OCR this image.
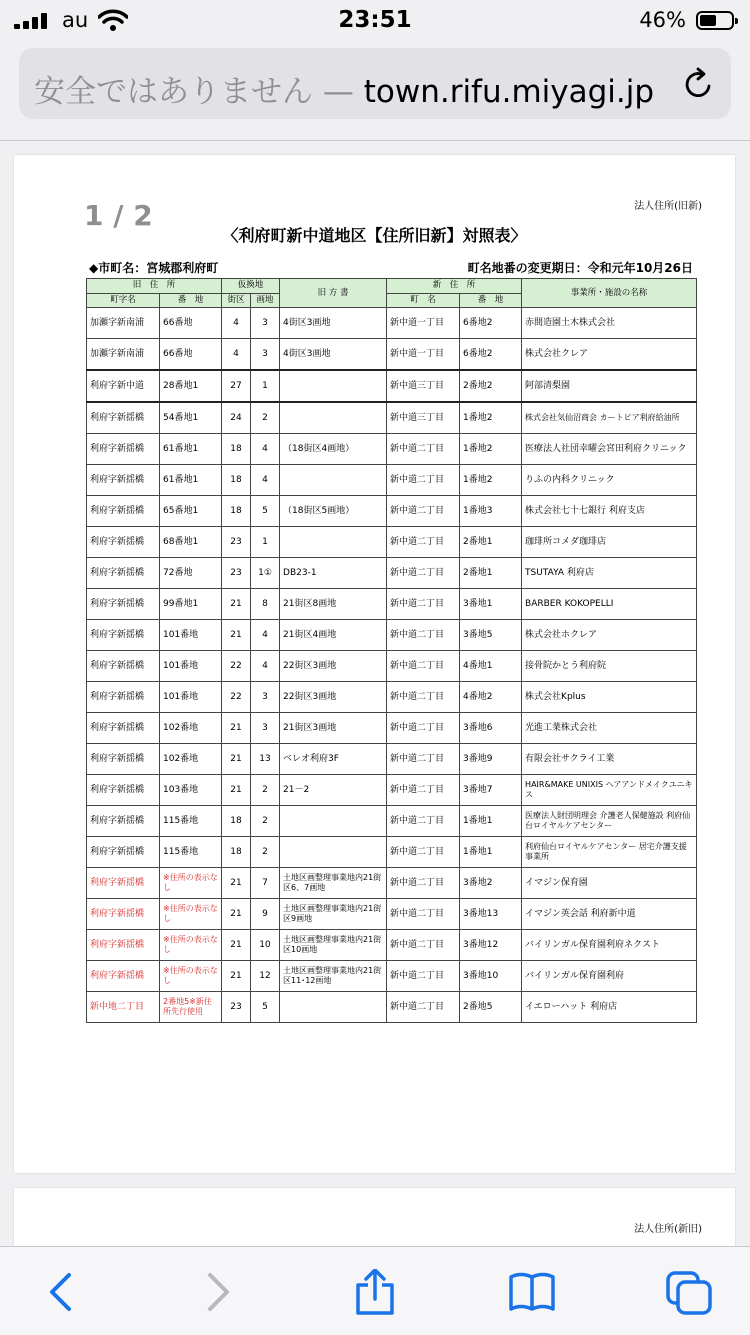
au	23:51	46%
安全ではありません — town.rifu.miyagi.jp
法人住所(旧新)
1 / 2
〈利府町新中道地区【住所旧新】対照表〉
◆市町名：宮城郡利府町	町名地番の変更期日：令和元年10月26日
旧　住　所		仮換地		旧 方 書	新　住　所		事業所・施設の名称
町字名	番　地	街区	画地		町　名	番　地	
加瀬字新南浦	66番地	4	3	4街区3画地	新中道一丁目	6番地2	赤間造園土木株式会社
加瀬字新南浦	66番地	4	3	4街区3画地	新中道一丁目	6番地2	株式会社クレア
利府字新中道	28番地1	27	1		新中道三丁目	2番地2	阿部清梨園
利府字新揺橋	54番地1	24	2		新中道三丁目	1番地2	株式会社気仙沼商会 カートピア利府給油所
利府字新揺橋	61番地1	18	4	（18街区4画地）	新中道二丁目	1番地2	医療法人社団幸曜会宮田利府クリニック
利府字新揺橋	61番地1	18	4		新中道二丁目	1番地2	りふの内科クリニック
利府字新揺橋	65番地1	18	5	（18街区5画地）	新中道二丁目	1番地3	株式会社七十七銀行 利府支店
利府字新揺橋	68番地1	23	1		新中道二丁目	2番地1	珈琲所コメダ珈琲店
利府字新揺橋	72番地	23	1①	DB23-1	新中道二丁目	2番地1	TSUTAYA 利府店
利府字新揺橋	99番地1	21	8	21街区8画地	新中道二丁目	3番地1	BARBER KOKOPELLI
利府字新揺橋	101番地	21	4	21街区4画地	新中道二丁目	3番地5	株式会社ホクレア
利府字新揺橋	101番地	22	4	22街区3画地	新中道二丁目	4番地1	接骨院かとう利府院
利府字新揺橋	101番地	22	3	22街区3画地	新中道二丁目	4番地2	株式会社Kplus
利府字新揺橋	102番地	21	3	21街区3画地	新中道二丁目	3番地6	光進工業株式会社
利府字新揺橋	102番地	21	13	ベレオ利府3F	新中道二丁目	3番地9	有限会社サクライ工業
利府字新揺橋	103番地	21	2	21－2	新中道二丁目	3番地7	HAIR&MAKE UNIXIS ヘアアンドメイクユニキス
利府字新揺橋	115番地	18	2		新中道二丁目	1番地1	医療法人財団明理会 介護老人保健施設 利府仙台ロイヤルケアセンター
利府字新揺橋	115番地	18	2		新中道二丁目	1番地1	利府仙台ロイヤルケアセンター 居宅介護支援事業所
利府字新揺橋	※住所の表示なし	21	7	土地区画整理事業地内21街区6、7画地	新中道二丁目	3番地2	イマジン保育園
利府字新揺橋	※住所の表示なし	21	9	土地区画整理事業地内21街区9画地	新中道二丁目	3番地13	イマジン英会話 利府新中道
利府字新揺橋	※住所の表示なし	21	10	土地区画整理事業地内21街区10画地	新中道二丁目	3番地12	バイリンガル保育園利府ネクスト
利府字新揺橋	※住所の表示なし	21	12	土地区画整理事業地内21街区11･12画地	新中道二丁目	3番地10	バイリンガル保育園利府
新中地二丁目	2番地5※新住所先行使用	23	5		新中道二丁目	2番地5	イエローハット 利府店
法人住所(新旧)
